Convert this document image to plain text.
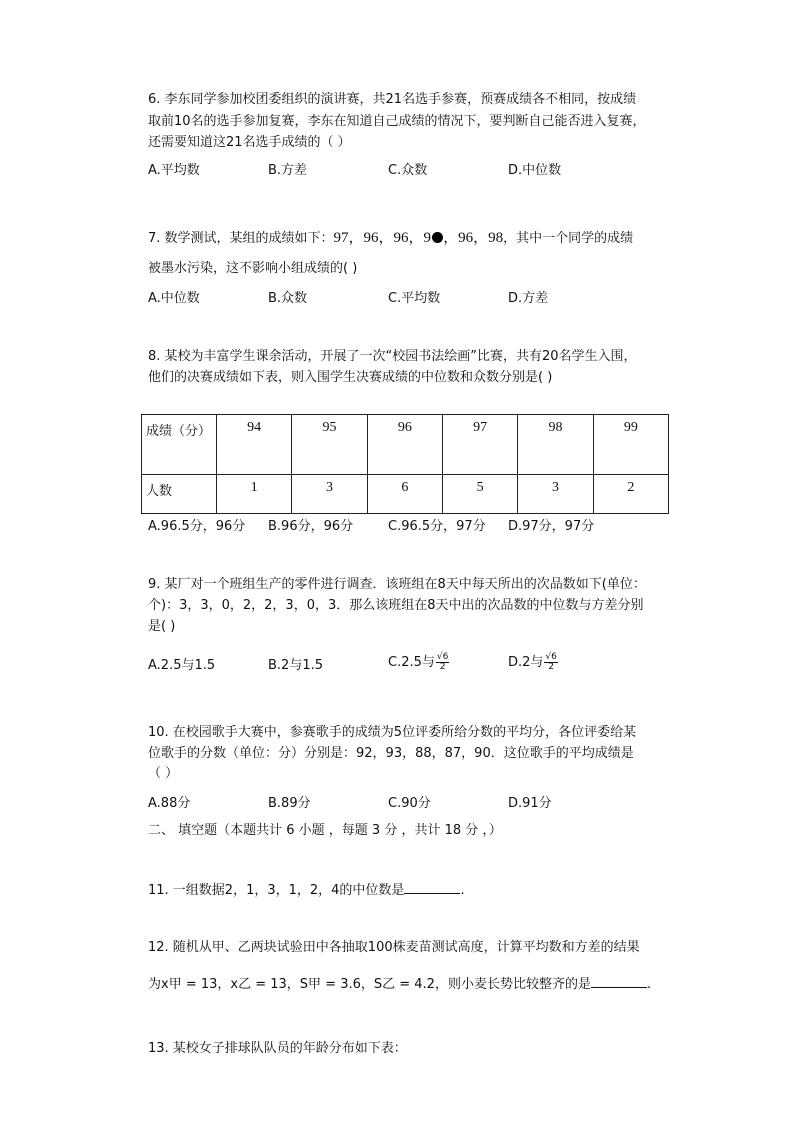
6. 李东同学参加校团委组织的演讲赛，共21名选手参赛，预赛成绩各不相同，按成绩
取前10名的选手参加复赛，李东在知道自己成绩的情况下，要判断自己能否进入复赛，
还需要知道这21名选手成绩的（ ）
A.平均数	B.方差	C.众数	D.中位数
7. 数学测试，某组的成绩如下：97，96，96，9 ，96，98，其中一个同学的成绩
被墨水污染，这不影响小组成绩的( )
A.中位数	B.众数	C.平均数	D.方差
8. 某校为丰富学生课余活动，开展了一次“校园书法绘画”比赛，共有20名学生入围，
他们的决赛成绩如下表，则入围学生决赛成绩的中位数和众数分别是( )
成绩（分）	94	95	96	97	98	99
人数	1	3	6	5	3	2
A.96.5分，96分 B.96分，96分	C.96.5分，97分 D.97分，97分
9. 某厂对一个班组生产的零件进行调查．该班组在8天中每天所出的次品数如下(单位：
个)：3，3，0，2，2，3，0，3．那么该班组在8天中出的次品数的中位数与方差分别
是( )
A.2.5与1.5	B.2与1.5	C.2.5与 $\frac{√6}{2}$	D.2与 $\frac{√6}{2}$
10. 在校园歌手大赛中，参赛歌手的成绩为5位评委所给分数的平均分，各位评委给某
位歌手的分数（单位：分）分别是：92，93，88，87，90．这位歌手的平均成绩是
（ ）
A.88分	B.89分	C.90分	D.91分
二、 填空题（本题共计 6 小题 ，每题 3 分 ，共计 18 分 ，）
11. 一组数据2，1，3，1，2，4的中位数是	.
12. 随机从甲、乙两块试验田中各抽取100株麦苗测试高度，计算平均数和方差的结果
为x甲 = 13，x乙 = 13，S甲 = 3.6，S乙 = 4.2，则小麦长势比较整齐的是	.
13. 某校女子排球队队员的年龄分布如下表：
